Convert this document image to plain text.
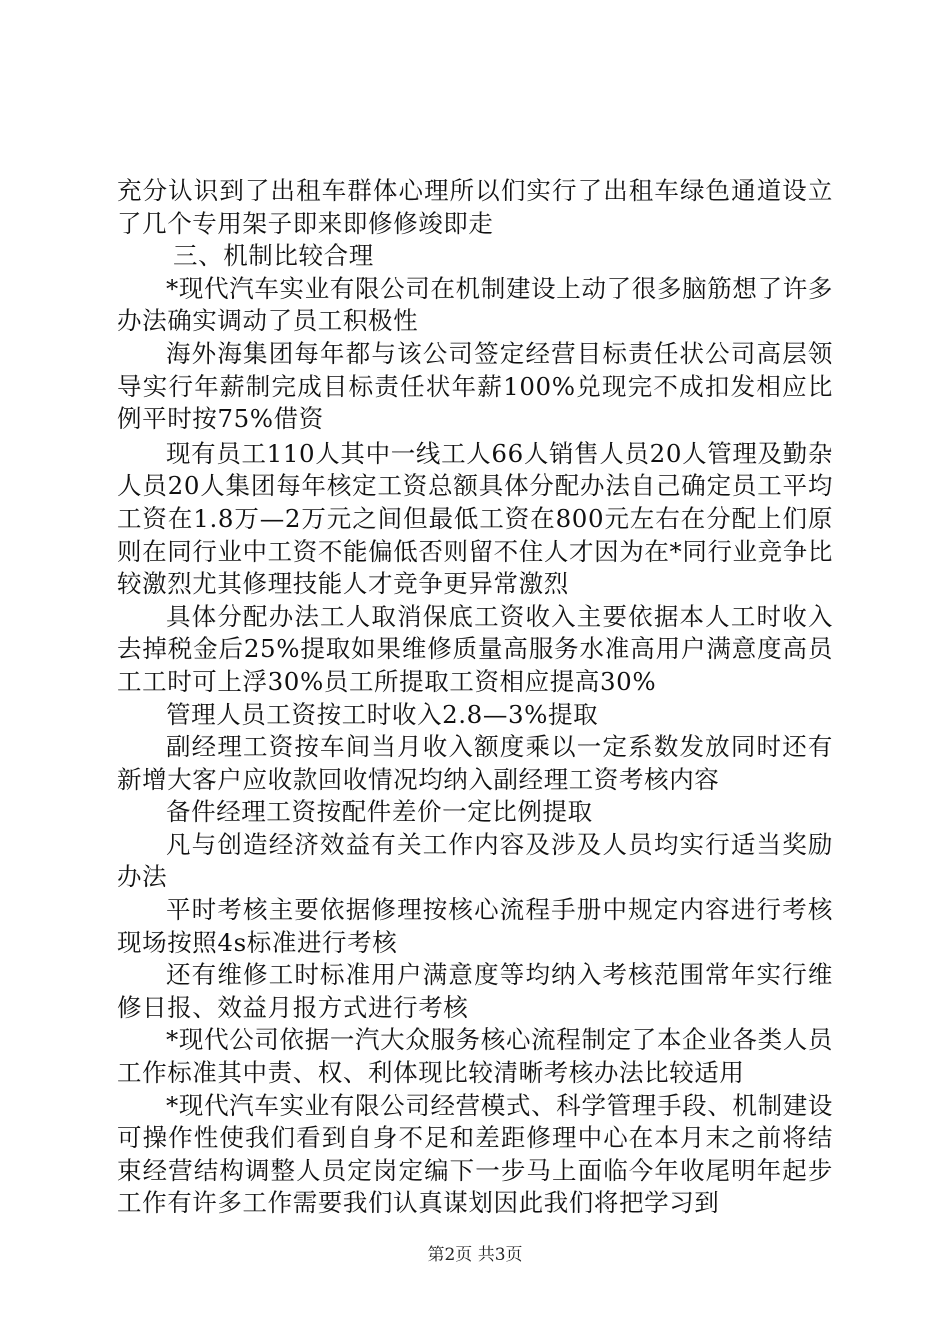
充分认识到了出租车群体心理所以们实行了出租车绿色通道设立了几个专用架子即来即修修竣即走

三、机制比较合理

*现代汽车实业有限公司在机制建设上动了很多脑筋想了许多办法确实调动了员工积极性

海外海集团每年都与该公司签定经营目标责任状公司高层领导实行年薪制完成目标责任状年薪100%兑现完不成扣发相应比例平时按75%借资

现有员工110人其中一线工人66人销售人员20人管理及勤杂人员20人集团每年核定工资总额具体分配办法自己确定员工平均工资在1.8万—2万元之间但最低工资在800元左右在分配上们原则在同行业中工资不能偏低否则留不住人才因为在*同行业竞争比较激烈尤其修理技能人才竞争更异常激烈

具体分配办法工人取消保底工资收入主要依据本人工时收入去掉税金后25%提取如果维修质量高服务水准高用户满意度高员工工时可上浮30%员工所提取工资相应提高30%

管理人员工资按工时收入2.8—3%提取

副经理工资按车间当月收入额度乘以一定系数发放同时还有新增大客户应收款回收情况均纳入副经理工资考核内容

备件经理工资按配件差价一定比例提取

凡与创造经济效益有关工作内容及涉及人员均实行适当奖励办法

平时考核主要依据修理按核心流程手册中规定内容进行考核现场按照4s标准进行考核

还有维修工时标准用户满意度等均纳入考核范围常年实行维修日报、效益月报方式进行考核

*现代公司依据一汽大众服务核心流程制定了本企业各类人员工作标准其中责、权、利体现比较清晰考核办法比较适用

*现代汽车实业有限公司经营模式、科学管理手段、机制建设可操作性使我们看到自身不足和差距修理中心在本月末之前将结束经营结构调整人员定岗定编下一步马上面临今年收尾明年起步工作有许多工作需要我们认真谋划因此我们将把学习到

第2页 共3页
